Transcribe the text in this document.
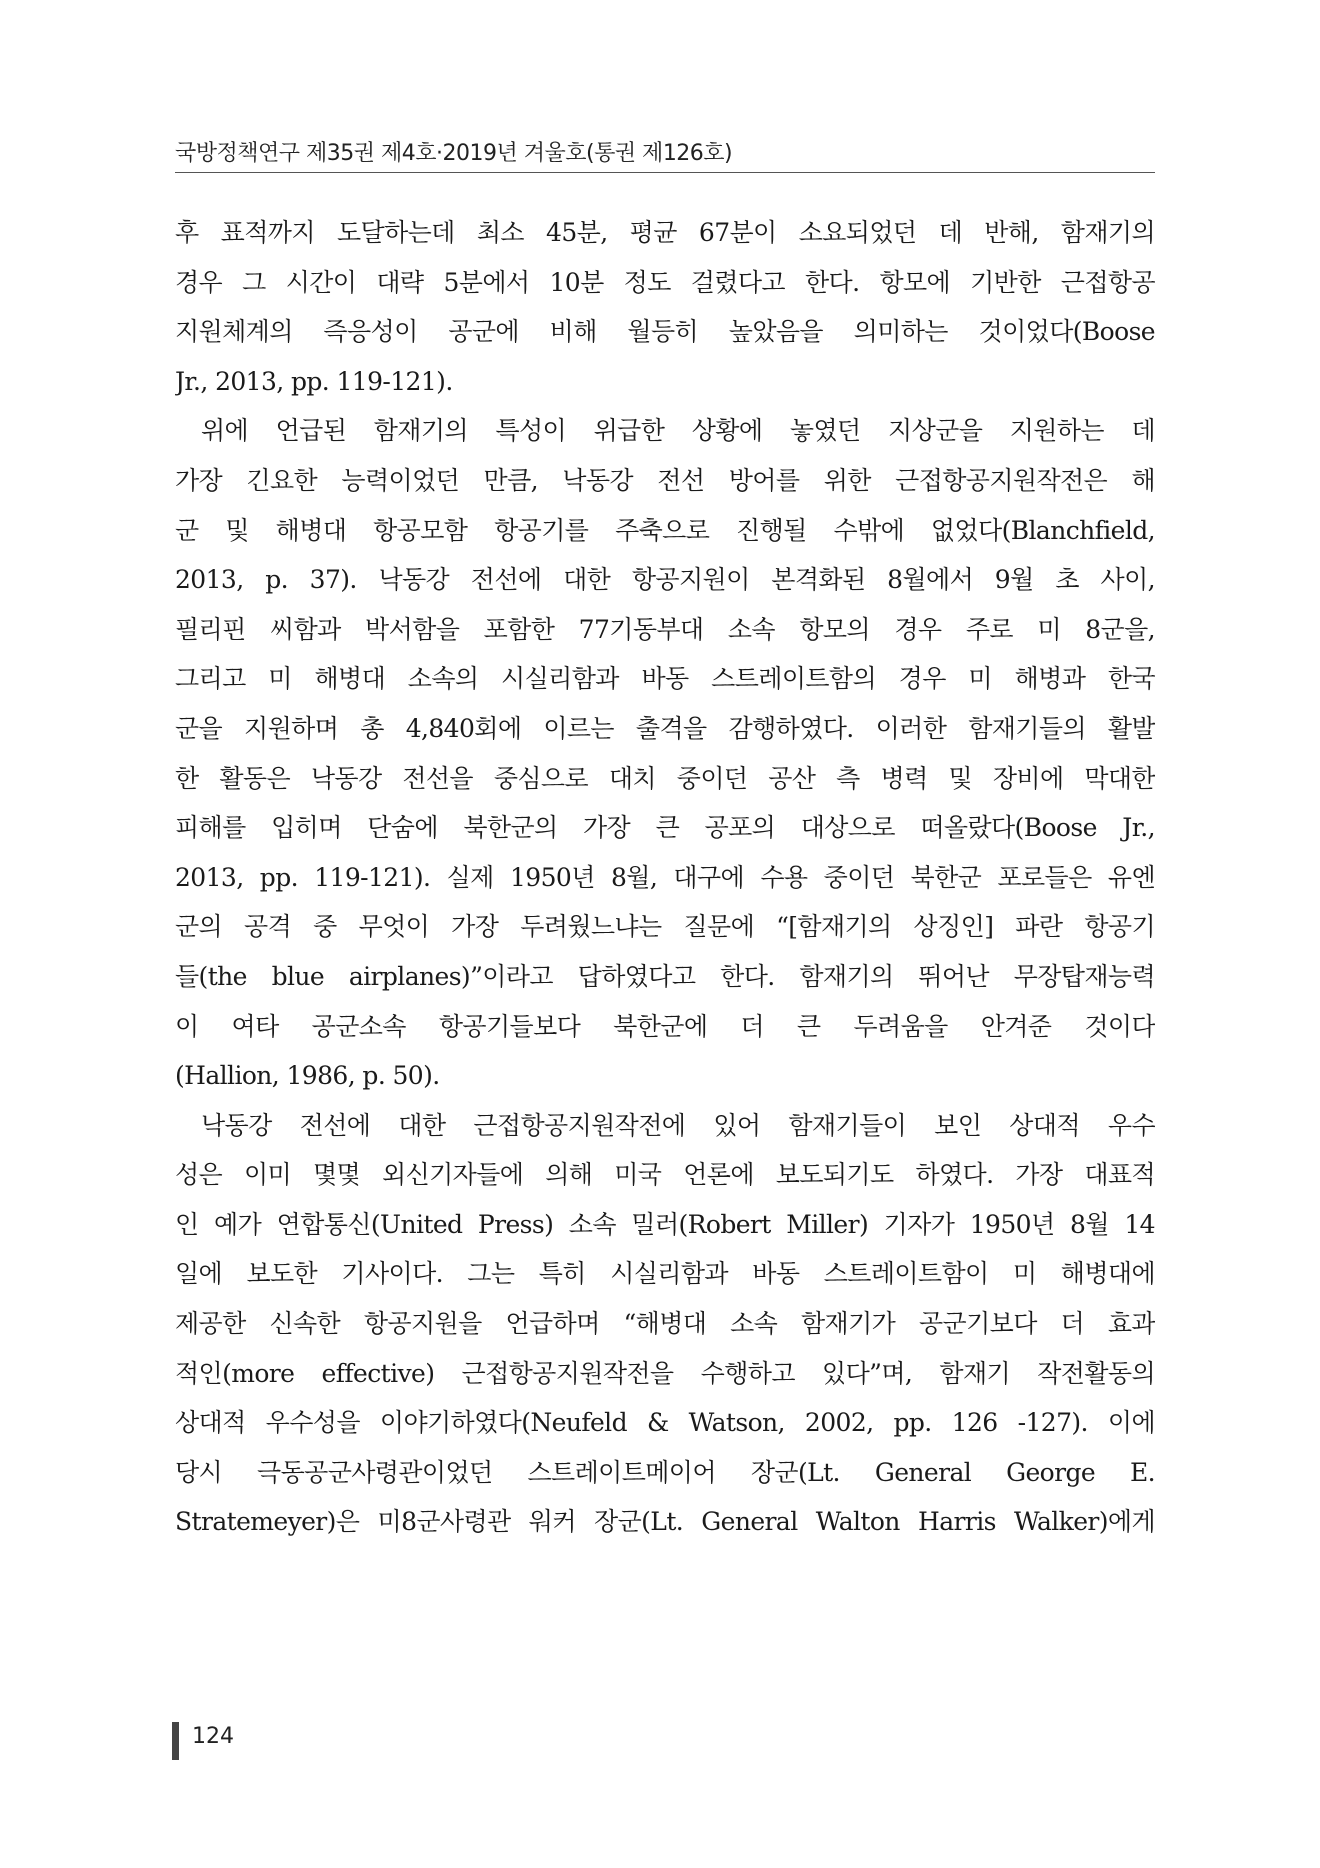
국방정책연구 제35권 제4호·2019년 겨울호(통권 제126호)
후 표적까지 도달하는데 최소 45분, 평균 67분이 소요되었던 데 반해, 함재기의
경우 그 시간이 대략 5분에서 10분 정도 걸렸다고 한다. 항모에 기반한 근접항공
지원체계의 즉응성이 공군에 비해 월등히 높았음을 의미하는 것이었다(Boose
Jr., 2013, pp. 119-121).
위에 언급된 함재기의 특성이 위급한 상황에 놓였던 지상군을 지원하는 데
가장 긴요한 능력이었던 만큼, 낙동강 전선 방어를 위한 근접항공지원작전은 해
군 및 해병대 항공모함 항공기를 주축으로 진행될 수밖에 없었다(Blanchfield,
2013, p. 37). 낙동강 전선에 대한 항공지원이 본격화된 8월에서 9월 초 사이,
필리핀 씨함과 박서함을 포함한 77기동부대 소속 항모의 경우 주로 미 8군을,
그리고 미 해병대 소속의 시실리함과 바동 스트레이트함의 경우 미 해병과 한국
군을 지원하며 총 4,840회에 이르는 출격을 감행하였다. 이러한 함재기들의 활발
한 활동은 낙동강 전선을 중심으로 대치 중이던 공산 측 병력 및 장비에 막대한
피해를 입히며 단숨에 북한군의 가장 큰 공포의 대상으로 떠올랐다(Boose Jr.,
2013, pp. 119-121). 실제 1950년 8월, 대구에 수용 중이던 북한군 포로들은 유엔
군의 공격 중 무엇이 가장 두려웠느냐는 질문에 “[함재기의 상징인] 파란 항공기
들(the blue airplanes)”이라고 답하였다고 한다. 함재기의 뛰어난 무장탑재능력
이 여타 공군소속 항공기들보다 북한군에 더 큰 두려움을 안겨준 것이다
(Hallion, 1986, p. 50).
낙동강 전선에 대한 근접항공지원작전에 있어 함재기들이 보인 상대적 우수
성은 이미 몇몇 외신기자들에 의해 미국 언론에 보도되기도 하였다. 가장 대표적
인 예가 연합통신(United Press) 소속 밀러(Robert Miller) 기자가 1950년 8월 14
일에 보도한 기사이다. 그는 특히 시실리함과 바동 스트레이트함이 미 해병대에
제공한 신속한 항공지원을 언급하며 “해병대 소속 함재기가 공군기보다 더 효과
적인(more effective) 근접항공지원작전을 수행하고 있다”며, 함재기 작전활동의
상대적 우수성을 이야기하였다(Neufeld & Watson, 2002, pp. 126 -127). 이에
당시 극동공군사령관이었던 스트레이트메이어 장군(Lt. General George E.
Stratemeyer)은 미8군사령관 워커 장군(Lt. General Walton Harris Walker)에게
124
